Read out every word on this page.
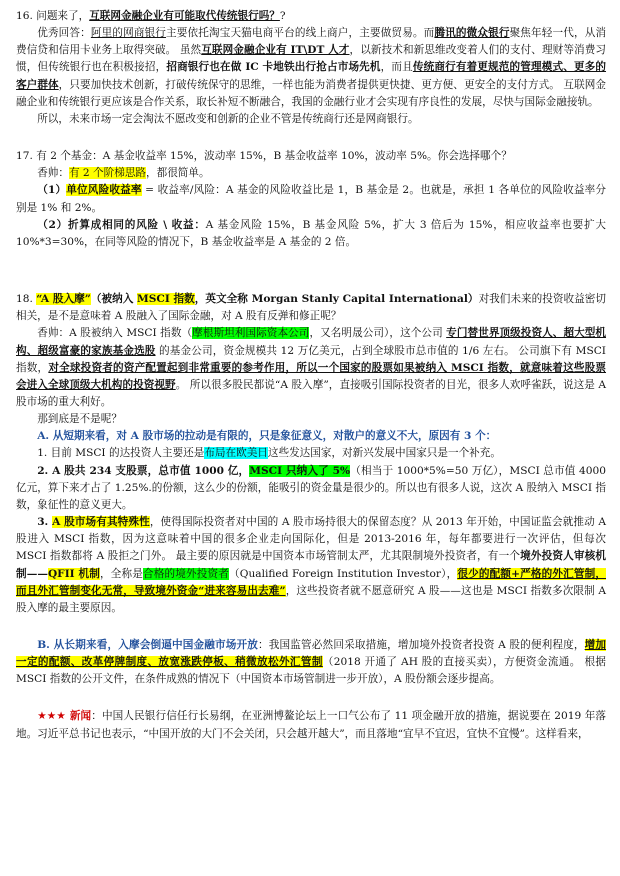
16. 问题来了，互联网金融企业有可能取代传统银行吗？?

优秀回答：阿里的网商银行主要依托淘宝天猫电商平台的线上商户，主要做贸易。而腾讯的微众银行聚焦年轻一代，从消费信贷和信用卡业务上取得突破。 虽然互联网金融企业有 IT\DT 人才，以新技术和新思维改变着人们的支付、理财等消费习惯，但传统银行也在积极接招，招商银行也在做 IC 卡地铁出行抢占市场先机，而且传统商行有着更规范的管理模式、更多的客户群体，只要加快技术创新，打破传统保守的思维，一样也能为消费者提供更快捷、更方便、更安全的支付方式。 互联网金融企业和传统银行更应该是合作关系，取长补短不断融合，我国的金融行业才会实现有序良性的发展，尽快与国际金融接轨。

所以，未来市场一定会淘汰不愿改变和创新的企业不管是传统商行还是网商银行。

17. 有 2 个基金：A 基金收益率 15%，波动率 15%，B 基金收益率 10%，波动率 5%。你会选择哪个？

香帅：有 2 个阶梯思路，都很简单。

（1）单位风险收益率 = 收益率/风险：A 基金的风险收益比是 1，B 基金是 2。也就是，承担 1 各单位的风险收益率分别是 1% 和 2%。

（2）折算成相同的风险 \ 收益：A 基金风险 15%，B 基金风险 5%，扩大 3 倍后为 15%，相应收益率也要扩大 10%*3=30%，在同等风险的情况下，B 基金收益率是 A 基金的 2 倍。

18. “A 股入摩”（被纳入 MSCI 指数，英文全称 Morgan Stanly Capital International）对我们未来的投资收益密切相关，是不是意味着 A 股融入了国际金融，对 A 股有反弹和修正呢？

香帅：A 股被纳入 MSCI 指数（摩根斯坦利国际资本公司，又名明晟公司），这个公司 专门替世界顶级投资人、超大型机构、超级富豪的家族基金选股 的基金公司，资金规模共 12 万亿美元，占到全球股市总市值的 1/6 左右。 公司旗下有 MSCI 指数，对全球投资者的资产配置起到非常重要的参考作用，所以一个国家的股票如果被纳入 MSCI 指数，就意味着这些股票会进入全球顶级大机构的投资视野。 所以很多股民都说“A 股入摩”，直接吸引国际投资者的目光，很多人欢呼雀跃，说这是 A 股市场的重大利好。

那到底是不是呢？

A. 从短期来看，对 A 股市场的拉动是有限的，只是象征意义，对散户的意义不大，原因有 3 个：

1. 目前 MSCI 的达投资人主要还是布局在欧美日这些发达国家，对新兴发展中国家只是一个补充。

2. A 股共 234 支股票，总市值 1000 亿，MSCI 只纳入了 5%（相当于 1000*5%=50 万亿），MSCI 总市值 4000 亿元，算下来才占了 1.25%.的份额，这么少的份额，能吸引的资金量是很少的。所以也有很多人说，这次 A 股纳入 MSCI 指数，象征性的意义更大。

3. A 股市场有其特殊性，使得国际投资者对中国的 A 股市场持很大的保留态度？从 2013 年开始，中国证监会就推动 A 股进入 MSCI 指数，因为这意味着中国的很多企业走向国际化，但是 2013-2016 年，每年都要进行一次评估，但每次 MSCI 指数都将 A 股拒之门外。 最主要的原因就是中国资本市场管制太严，尤其限制境外投资者，有一个境外投资人审核机制——QFII 机制，全称是合格的境外投资者（Qualified Foreign Institution Investor），很少的配额+严格的外汇管制，而且外汇管制变化无常，导致境外资金“进来容易出去难”，这些投资者就不愿意研究 A 股——这也是 MSCI 指数多次限制 A 股入摩的最主要原因。

B. 从长期来看，入摩会倒逼中国金融市场开放：我国监管必然回采取措施，增加境外投资者投资 A 股的便利程度，增加一定的配额、改革停牌制度、放宽涨跌停板、稍微放松外汇管制（2018 开通了 AH 股的直接买卖），方便资金流通。 根据 MSCI 指数的公开文件，在条件成熟的情况下（中国资本市场管制进一步开放），A 股份额会逐步提高。

★★★ 新闻：中国人民银行信任行长易纲，在亚洲博鳌论坛上一口气公布了 11 项金融开放的措施，据说要在 2019 年落地。习近平总书记也表示，“中国开放的大门不会关闭，只会越开越大”，而且落地“宜早不宜迟，宜快不宜慢”。这样看来，
